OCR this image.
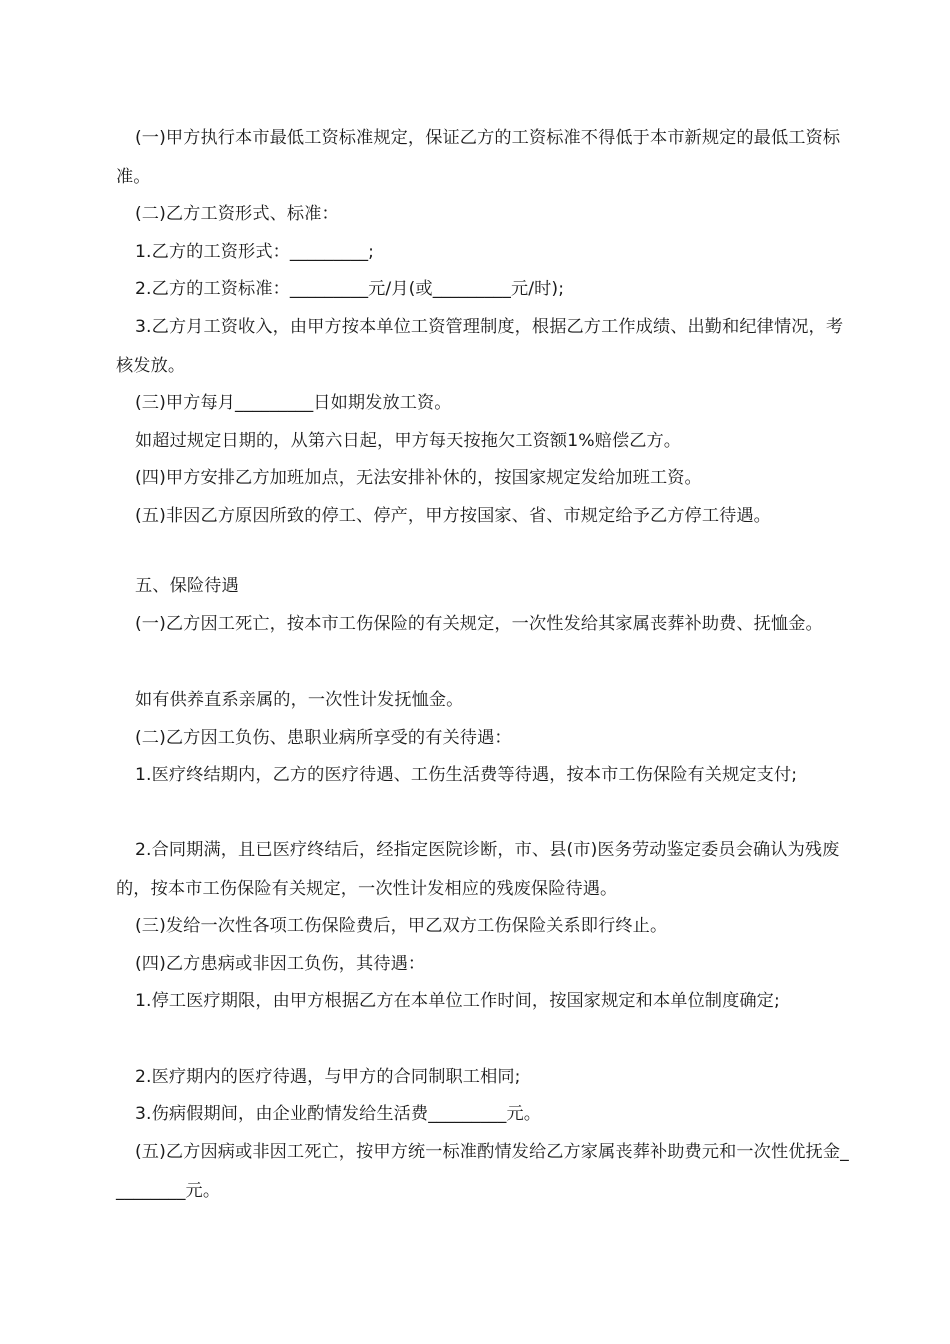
(一)甲方执行本市最低工资标准规定，保证乙方的工资标准不得低于本市新规定的最低工资标准。

(二)乙方工资形式、标准：

1.乙方的工资形式：_________;

2.乙方的工资标准：_________元/月(或_________元/时);

3.乙方月工资收入，由甲方按本单位工资管理制度，根据乙方工作成绩、出勤和纪律情况，考核发放。

(三)甲方每月_________日如期发放工资。

如超过规定日期的，从第六日起，甲方每天按拖欠工资额1%赔偿乙方。

(四)甲方安排乙方加班加点，无法安排补休的，按国家规定发给加班工资。

(五)非因乙方原因所致的停工、停产，甲方按国家、省、市规定给予乙方停工待遇。

五、保险待遇

(一)乙方因工死亡，按本市工伤保险的有关规定，一次性发给其家属丧葬补助费、抚恤金。

如有供养直系亲属的，一次性计发抚恤金。

(二)乙方因工负伤、患职业病所享受的有关待遇：

1.医疗终结期内，乙方的医疗待遇、工伤生活费等待遇，按本市工伤保险有关规定支付;

2.合同期满，且已医疗终结后，经指定医院诊断，市、县(市)医务劳动鉴定委员会确认为残废的，按本市工伤保险有关规定，一次性计发相应的残废保险待遇。

(三)发给一次性各项工伤保险费后，甲乙双方工伤保险关系即行终止。

(四)乙方患病或非因工负伤，其待遇：

1.停工医疗期限，由甲方根据乙方在本单位工作时间，按国家规定和本单位制度确定;

2.医疗期内的医疗待遇，与甲方的合同制职工相同;

3.伤病假期间，由企业酌情发给生活费_________元。

(五)乙方因病或非因工死亡，按甲方统一标准酌情发给乙方家属丧葬补助费元和一次性优抚金_________元。
